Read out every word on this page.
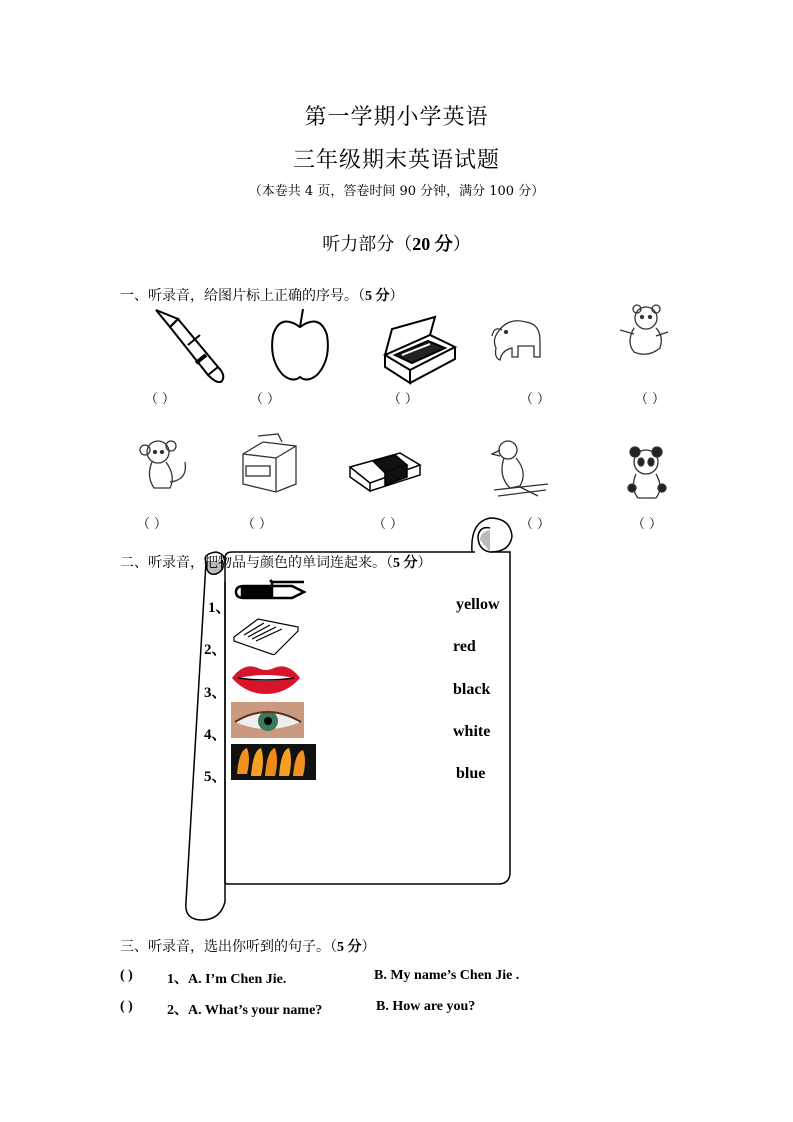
第一学期小学英语
三年级期末英语试题
（本卷共 4 页，答卷时间 90 分钟，满分 100 分）
听力部分（20 分）
一、听录音，给图片标上正确的序号。（5 分）
（ ）	（ ）	（ ）	（ ）	（ ）
（ ）	（ ）	（ ）	（ ）	（ ）
二、听录音，把物品与颜色的单词连起来。（5 分）
1、
2、
3、
4、
5、
yellow
red
black
white
blue
三、听录音，选出你听到的句子。（5 分）
( ) 1、A. I’m Chen Jie.	B. My name’s Chen Jie .
( ) 2、A. What’s your name?	B. How are you?
